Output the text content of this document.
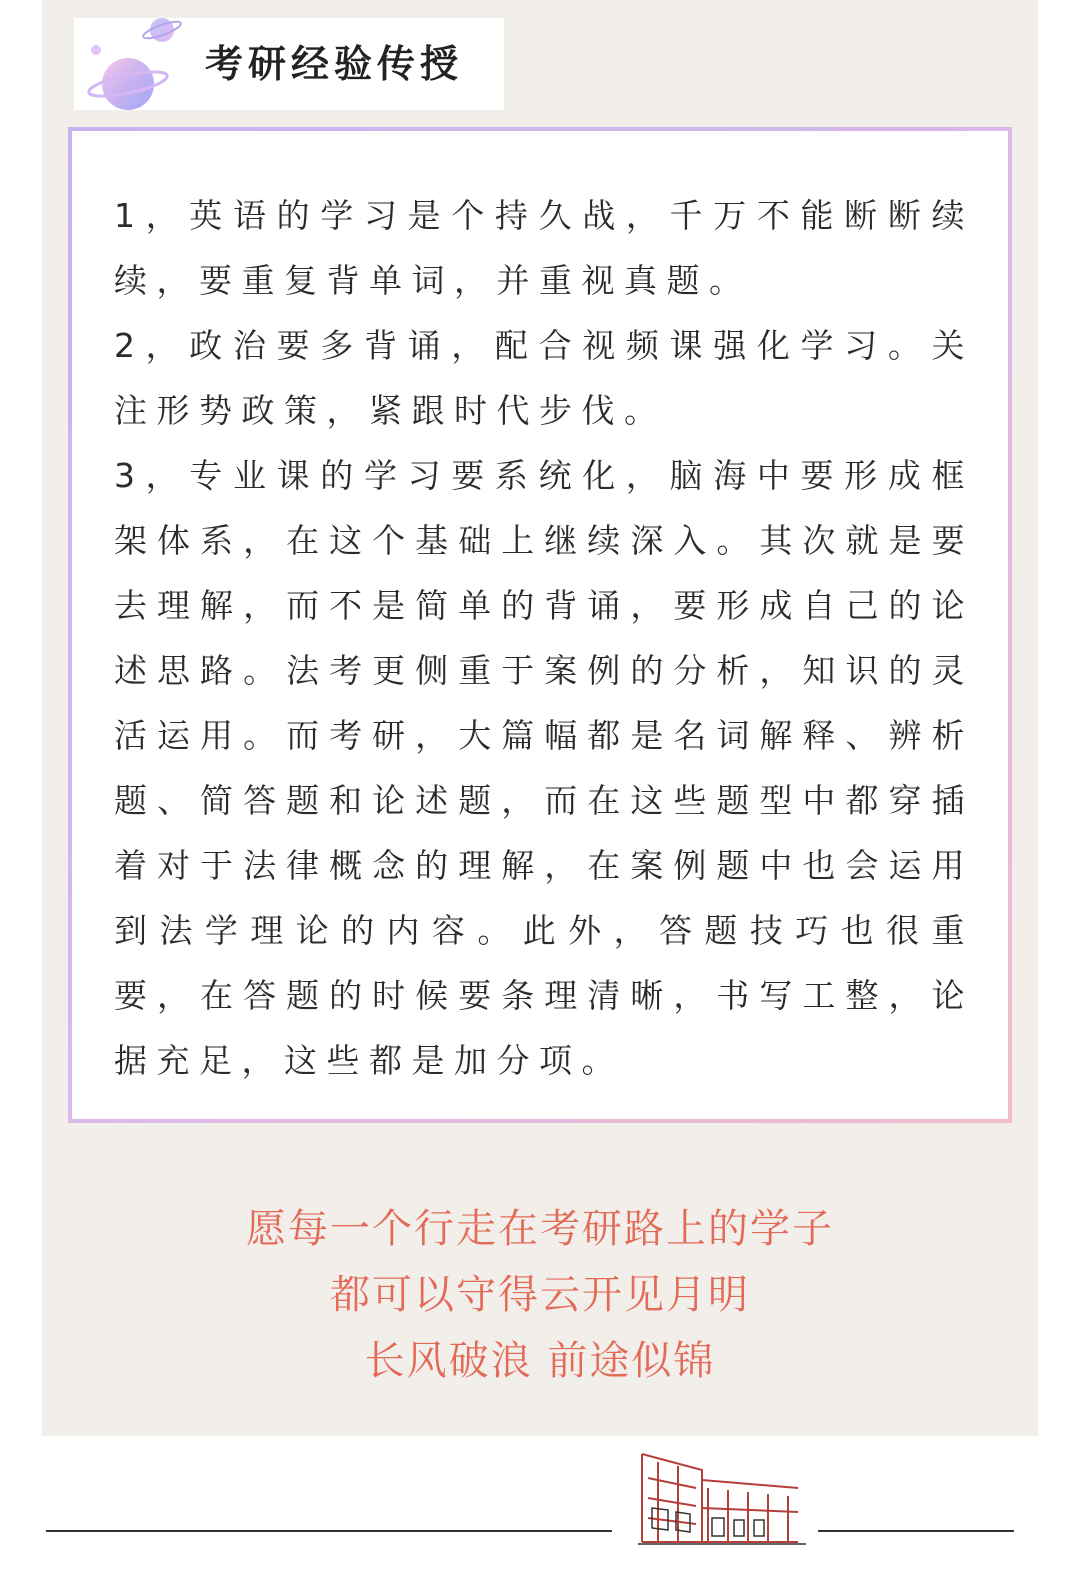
考研经验传授

1，英语的学习是个持久战，千万不能断断续续，要重复背单词，并重视真题。

2，政治要多背诵，配合视频课强化学习。关注形势政策，紧跟时代步伐。

3，专业课的学习要系统化，脑海中要形成框架体系，在这个基础上继续深入。其次就是要去理解，而不是简单的背诵，要形成自己的论述思路。法考更侧重于案例的分析，知识的灵活运用。而考研，大篇幅都是名词解释、辨析题、简答题和论述题，而在这些题型中都穿插着对于法律概念的理解，在案例题中也会运用到法学理论的内容。此外，答题技巧也很重要，在答题的时候要条理清晰，书写工整，论据充足，这些都是加分项。

愿每一个行走在考研路上的学子
都可以守得云开见月明
长风破浪 前途似锦
